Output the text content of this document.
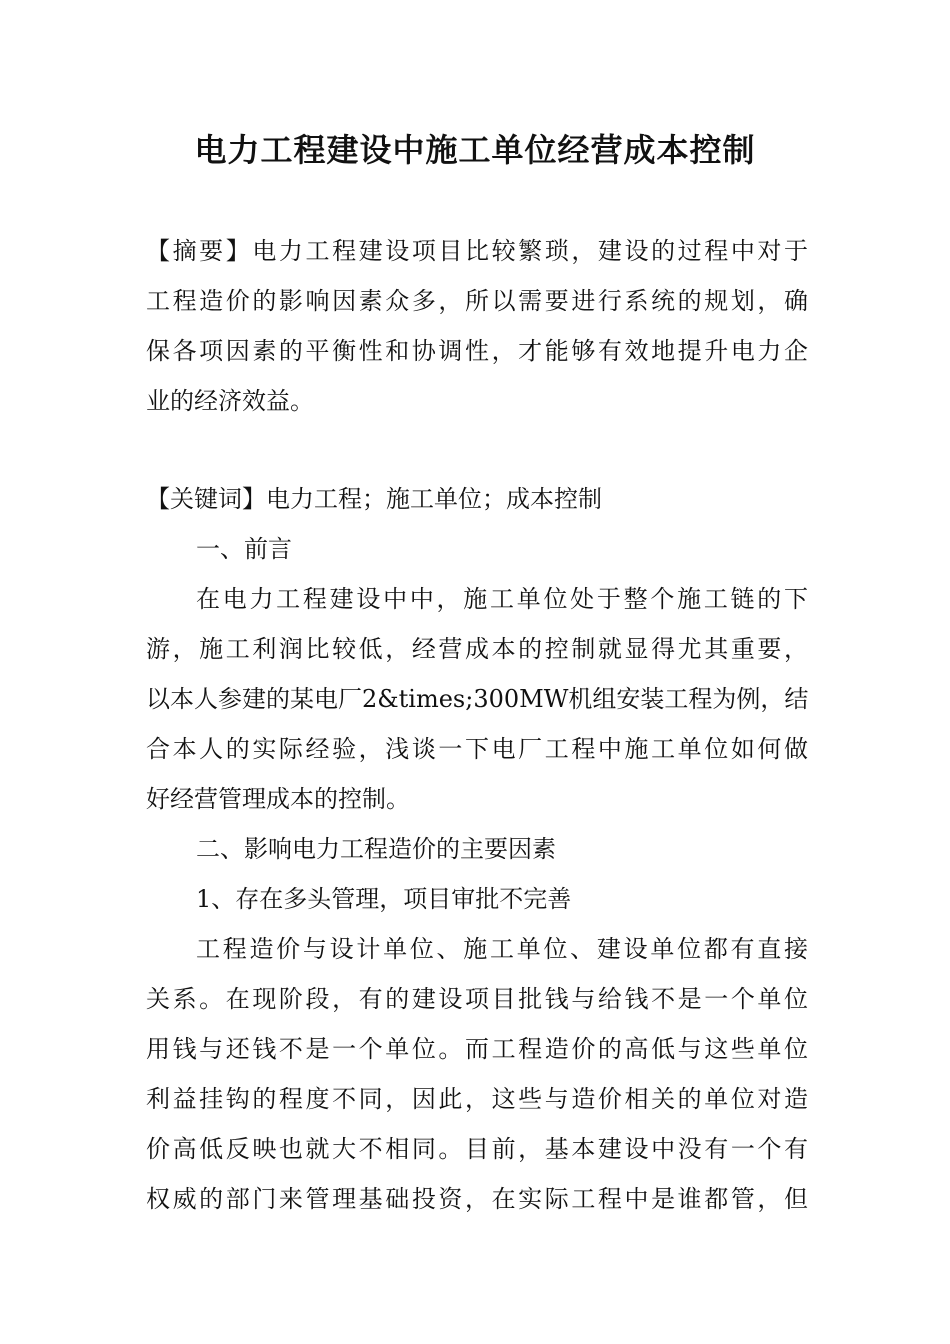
电力工程建设中施工单位经营成本控制
【摘要】电力工程建设项目比较繁琐，建设的过程中对于
工程造价的影响因素众多，所以需要进行系统的规划，确
保各项因素的平衡性和协调性，才能够有效地提升电力企
业的经济效益。
【关键词】电力工程；施工单位；成本控制
一、前言
在电力工程建设中中，施工单位处于整个施工链的下
游，施工利润比较低，经营成本的控制就显得尤其重要，
以本人参建的某电厂2&times;300MW机组安装工程为例，结
合本人的实际经验，浅谈一下电厂工程中施工单位如何做
好经营管理成本的控制。
二、影响电力工程造价的主要因素
1、存在多头管理，项目审批不完善
工程造价与设计单位、施工单位、建设单位都有直接
关系。在现阶段，有的建设项目批钱与给钱不是一个单位
用钱与还钱不是一个单位。而工程造价的高低与这些单位
利益挂钩的程度不同，因此，这些与造价相关的单位对造
价高低反映也就大不相同。目前，基本建设中没有一个有
权威的部门来管理基础投资，在实际工程中是谁都管，但
